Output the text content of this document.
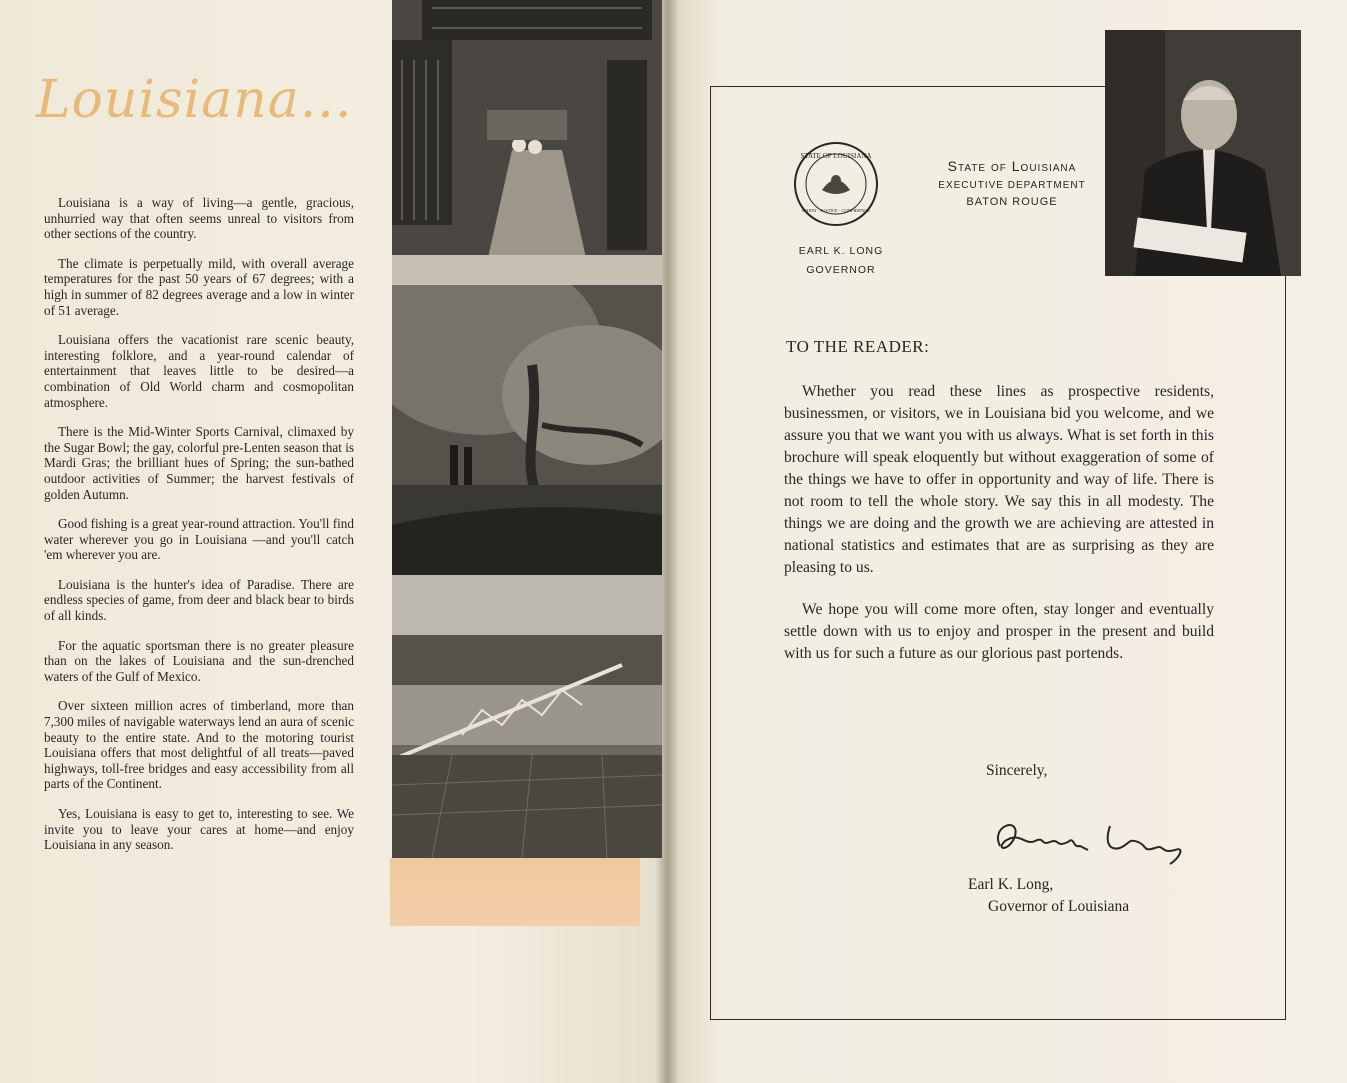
Louisiana...

Louisiana is a way of living—a gentle, gracious, unhurried way that often seems unreal to visitors from other sections of the country.

The climate is perpetually mild, with overall average temperatures for the past 50 years of 67 degrees; with a high in summer of 82 degrees average and a low in winter of 51 average.

Louisiana offers the vacationist rare scenic beauty, interesting folklore, and a year-round calendar of entertainment that leaves little to be desired—a combination of Old World charm and cosmopolitan atmosphere.

There is the Mid-Winter Sports Carnival, climaxed by the Sugar Bowl; the gay, colorful pre-Lenten season that is Mardi Gras; the brilliant hues of Spring; the sun-bathed outdoor activities of Summer; the harvest festivals of golden Autumn.

Good fishing is a great year-round attraction. You'll find water wherever you go in Louisiana —and you'll catch 'em wherever you are.

Louisiana is the hunter's idea of Paradise. There are endless species of game, from deer and black bear to birds of all kinds.

For the aquatic sportsman there is no greater pleasure than on the lakes of Louisiana and the sun-drenched waters of the Gulf of Mexico.

Over sixteen million acres of timberland, more than 7,300 miles of navigable waterways lend an aura of scenic beauty to the entire state. And to the motoring tourist Louisiana offers that most delightful of all treats—paved highways, toll-free bridges and easy accessibility from all parts of the Continent.

Yes, Louisiana is easy to get to, interesting to see. We invite you to leave your cares at home—and enjoy Louisiana in any season.

STATE OF LOUISIANA
UNION · JUSTICE · CONFIDENCE
State of Louisiana
EXECUTIVE DEPARTMENT
BATON ROUGE
EARL K. LONG
GOVERNOR
TO THE READER:

Whether you read these lines as prospective residents, businessmen, or visitors, we in Louisiana bid you welcome, and we assure you that we want you with us always. What is set forth in this brochure will speak eloquently but without exaggeration of some of the things we have to offer in opportunity and way of life. There is not room to tell the whole story. We say this in all modesty. The things we are doing and the growth we are achieving are attested in national statistics and estimates that are as surprising as they are pleasing to us.

We hope you will come more often, stay longer and eventually settle down with us to enjoy and prosper in the present and build with us for such a future as our glorious past portends.

Sincerely,
Earl K. Long,
Governor of Louisiana
